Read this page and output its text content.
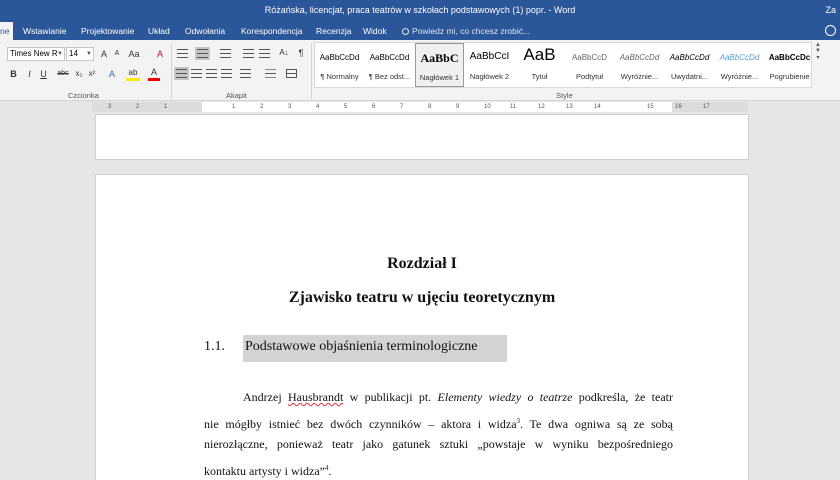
Różańska, licencjat, praca teatrów w szkołach podstawowych (1) popr. - Word	Za
ne	Wstawianie	Projektowanie	Układ	Odwołania	Korespondencja	Recenzja	Widok	Powiedz mi, co chcesz zrobić...
Times New R ▼ 14 ▼ A	A	Aa	A
B	I	U	abc x₂ x²	A	ab	A
Czcionka
A↓	¶
Akapit
AaBbCcDd
¶ Normalny
AaBbCcDd
¶ Bez odst...
AaBbC
Nagłówek 1
AaBbCcI
Nagłówek 2
AaB
Tytuł
AaBbCcD
Podtytuł
AaBbCcDd
Wyróżnie...
AaBbCcDd
Uwydatni...
AaBbCcDd
Wyróżnie...
AaBbCcDc
Pogrubienie
▲
▼
▾
Style
3	2	1	1	2	3	4	5	6	7	8	9	10	11	12	13	14	15	16	17
Rozdział I
Zjawisko teatru w ujęciu teoretycznym
1.1. Podstawowe objaśnienia terminologiczne
Andrzej Hausbrandt w publikacji pt. Elementy wiedzy o teatrze podkreśla, że teatr
nie mógłby istnieć bez dwóch czynników – aktora i widza$^3$. Te dwa ogniwa są ze sobą
nierozłączne, ponieważ teatr jako gatunek sztuki „powstaje w wyniku bezpośredniego
kontaktu artysty i widza”$^4$.
